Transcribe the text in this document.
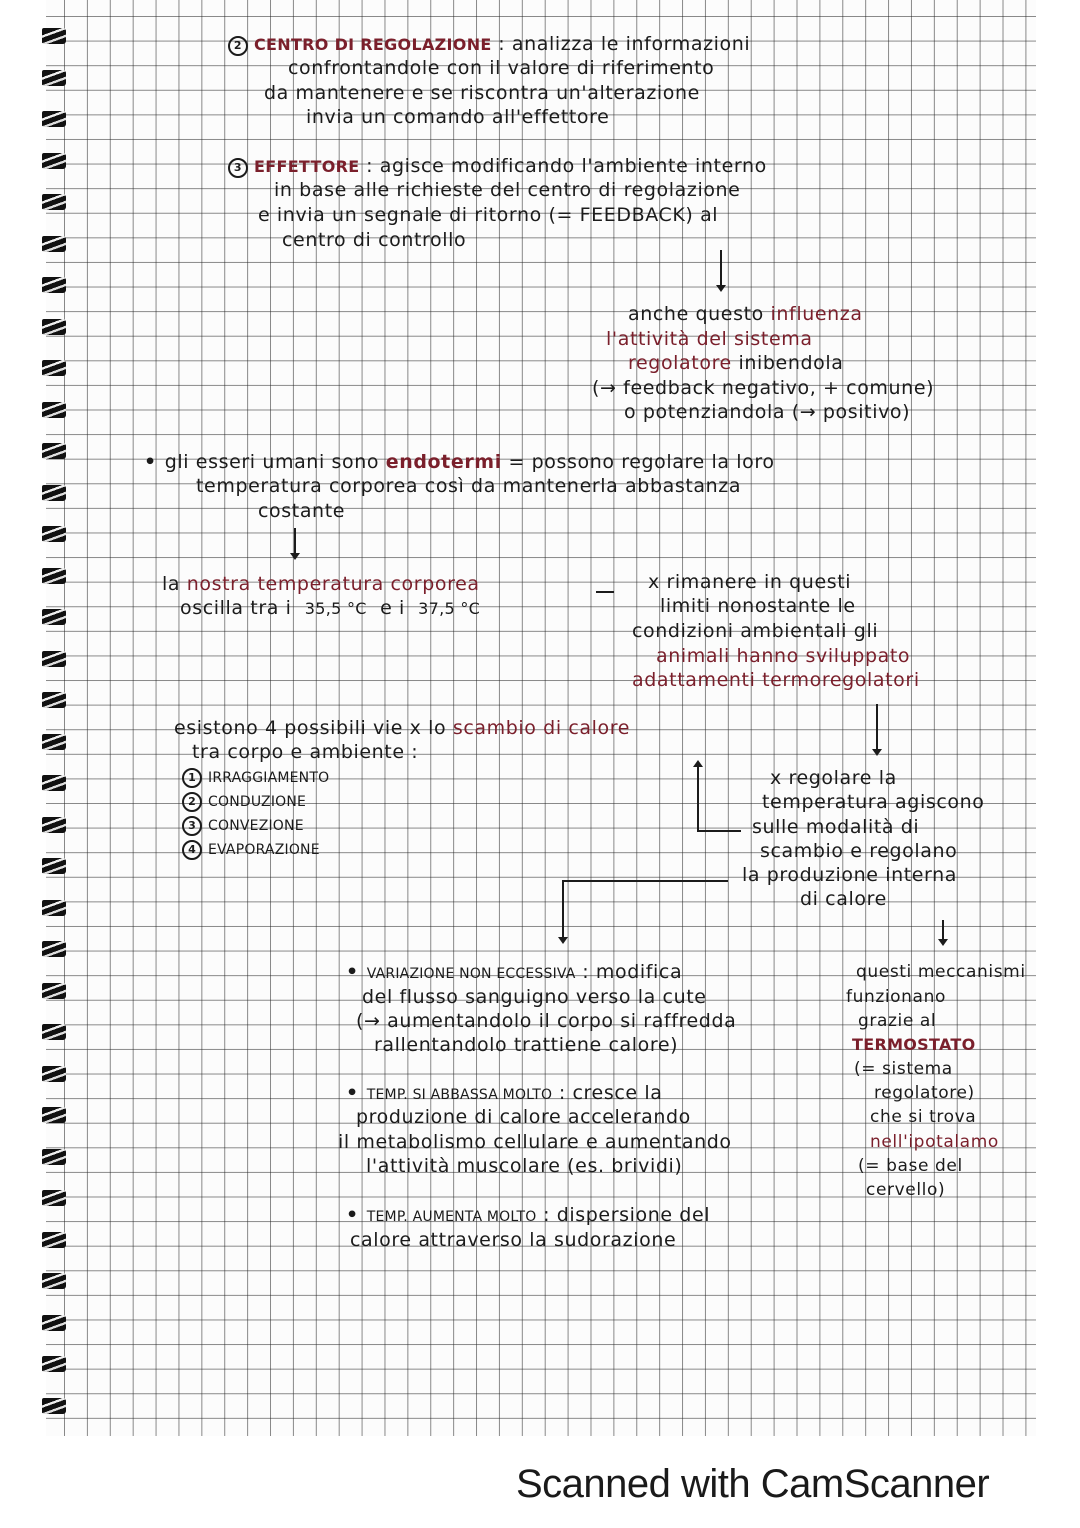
2 CENTRO DI REGOLAZIONE : analizza le informazioni
confrontandole con il valore di riferimento
da mantenere e se riscontra un'alterazione
invia un comando all'effettore
3 EFFETTORE : agisce modificando l'ambiente interno
in base alle richieste del centro di regolazione
e invia un segnale di ritorno (= FEEDBACK) al
centro di controllo
anche questo influenza
l'attività del sistema
regolatore inibendola
(→ feedback negativo, + comune)
o potenziandola (→ positivo)
• gli esseri umani sono endotermi = possono regolare la loro
temperatura corporea così da mantenerla abbastanza
costante
la nostra temperatura corporea
oscilla tra i 35,5 °C e i 37,5 °C
x rimanere in questi
limiti nonostante le
condizioni ambientali gli
animali hanno sviluppato
adattamenti termoregolatori
esistono 4 possibili vie x lo scambio di calore
tra corpo e ambiente :
1 IRRAGGIAMENTO
2 CONDUZIONE
3 CONVEZIONE
4 EVAPORAZIONE
x regolare la
temperatura agiscono
sulle modalità di
scambio e regolano
la produzione interna
di calore
• VARIAZIONE NON ECCESSIVA : modifica
del flusso sanguigno verso la cute
(→ aumentandolo il corpo si raffredda
rallentandolo trattiene calore)
• TEMP. SI ABBASSA MOLTO : cresce la
produzione di calore accelerando
il metabolismo cellulare e aumentando
l'attività muscolare (es. brividi)
• TEMP. AUMENTA MOLTO : dispersione del
calore attraverso la sudorazione
questi meccanismi
funzionano
grazie al
TERMOSTATO
(= sistema
regolatore)
che si trova
nell'ipotalamo
(= base del
cervello)
Scanned with CamScanner
